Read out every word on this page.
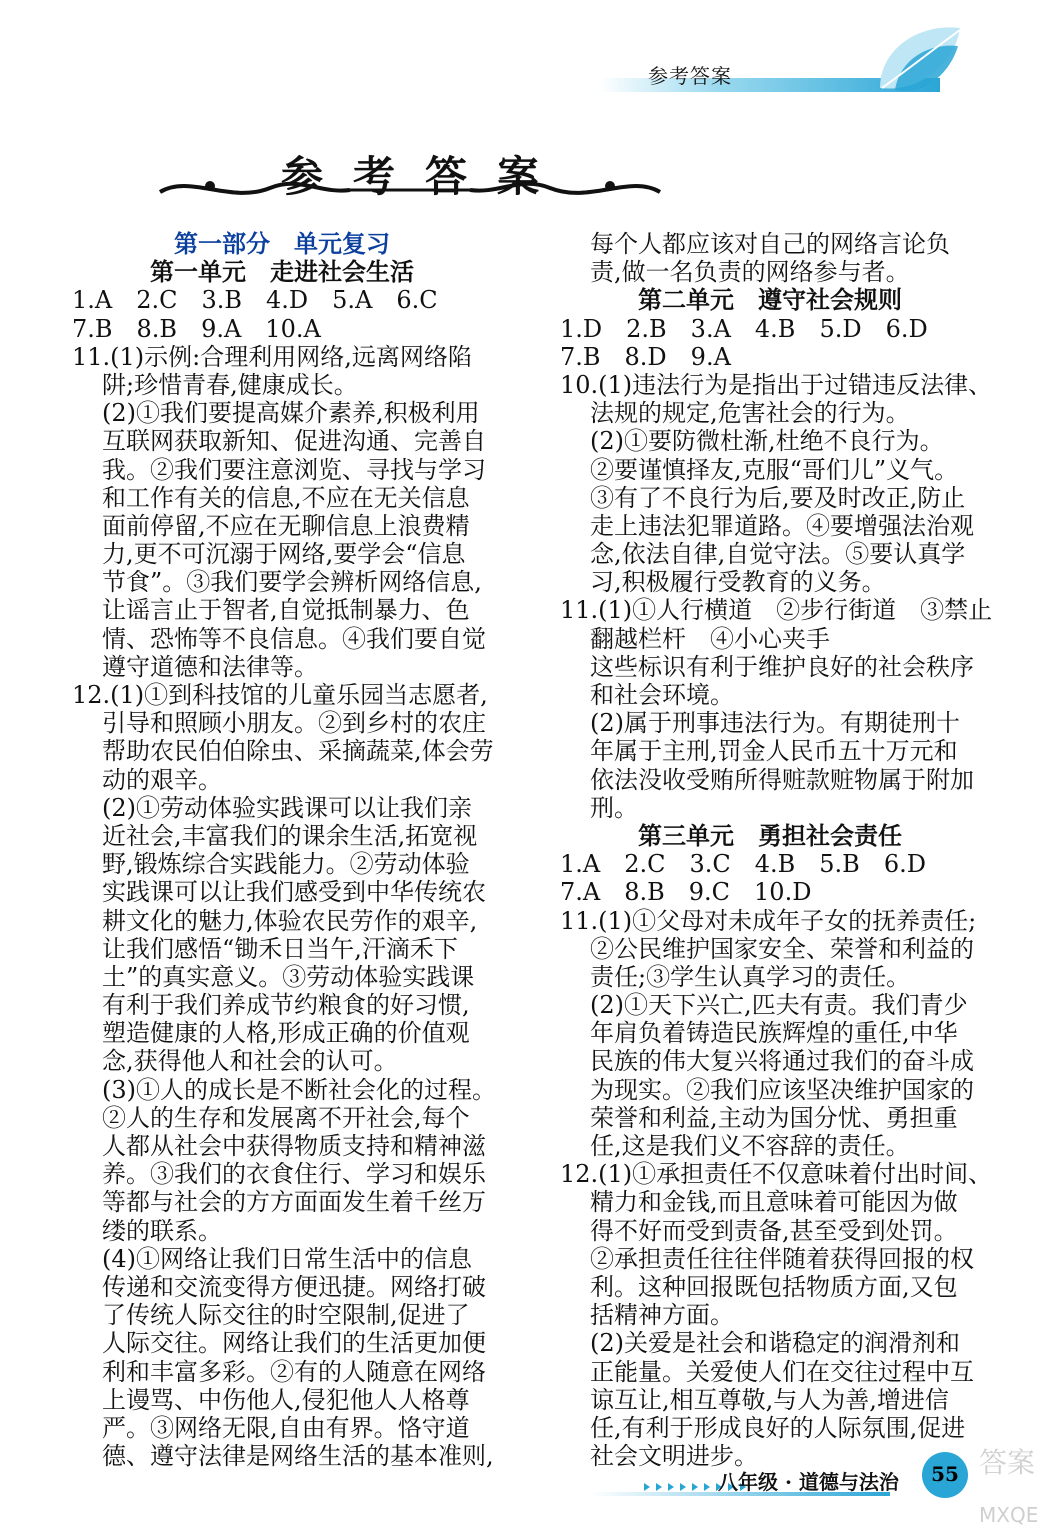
参考答案
参考答案
第一部分　单元复习
第一单元　走进社会生活
1.A　2.C　3.B　4.D　5.A　6.C
7.B　8.B　9.A　10.A
11.(1)示例:合理利用网络,远离网络陷
阱;珍惜青春,健康成长。
(2)①我们要提高媒介素养,积极利用
互联网获取新知、促进沟通、完善自
我。②我们要注意浏览、寻找与学习
和工作有关的信息,不应在无关信息
面前停留,不应在无聊信息上浪费精
力,更不可沉溺于网络,要学会“信息
节食”。③我们要学会辨析网络信息,
让谣言止于智者,自觉抵制暴力、色
情、恐怖等不良信息。④我们要自觉
遵守道德和法律等。
12.(1)①到科技馆的儿童乐园当志愿者,
引导和照顾小朋友。②到乡村的农庄
帮助农民伯伯除虫、采摘蔬菜,体会劳
动的艰辛。
(2)①劳动体验实践课可以让我们亲
近社会,丰富我们的课余生活,拓宽视
野,锻炼综合实践能力。②劳动体验
实践课可以让我们感受到中华传统农
耕文化的魅力,体验农民劳作的艰辛,
让我们感悟“锄禾日当午,汗滴禾下
土”的真实意义。③劳动体验实践课
有利于我们养成节约粮食的好习惯,
塑造健康的人格,形成正确的价值观
念,获得他人和社会的认可。
(3)①人的成长是不断社会化的过程。
②人的生存和发展离不开社会,每个
人都从社会中获得物质支持和精神滋
养。③我们的衣食住行、学习和娱乐
等都与社会的方方面面发生着千丝万
缕的联系。
(4)①网络让我们日常生活中的信息
传递和交流变得方便迅捷。网络打破
了传统人际交往的时空限制,促进了
人际交往。网络让我们的生活更加便
利和丰富多彩。②有的人随意在网络
上谩骂、中伤他人,侵犯他人人格尊
严。③网络无限,自由有界。恪守道
德、遵守法律是网络生活的基本准则,
每个人都应该对自己的网络言论负
责,做一名负责的网络参与者。
第二单元　遵守社会规则
1.D　2.B　3.A　4.B　5.D　6.D
7.B　8.D　9.A
10.(1)违法行为是指出于过错违反法律、
法规的规定,危害社会的行为。
(2)①要防微杜渐,杜绝不良行为。
②要谨慎择友,克服“哥们儿”义气。
③有了不良行为后,要及时改正,防止
走上违法犯罪道路。④要增强法治观
念,依法自律,自觉守法。⑤要认真学
习,积极履行受教育的义务。
11.(1)①人行横道　②步行街道　③禁止
翻越栏杆　④小心夹手
这些标识有利于维护良好的社会秩序
和社会环境。
(2)属于刑事违法行为。有期徒刑十
年属于主刑,罚金人民币五十万元和
依法没收受贿所得赃款赃物属于附加
刑。
第三单元　勇担社会责任
1.A　2.C　3.C　4.B　5.B　6.D
7.A　8.B　9.C　10.D
11.(1)①父母对未成年子女的抚养责任;
②公民维护国家安全、荣誉和利益的
责任;③学生认真学习的责任。
(2)①天下兴亡,匹夫有责。我们青少
年肩负着铸造民族辉煌的重任,中华
民族的伟大复兴将通过我们的奋斗成
为现实。②我们应该坚决维护国家的
荣誉和利益,主动为国分忧、勇担重
任,这是我们义不容辞的责任。
12.(1)①承担责任不仅意味着付出时间、
精力和金钱,而且意味着可能因为做
得不好而受到责备,甚至受到处罚。
②承担责任往往伴随着获得回报的权
利。这种回报既包括物质方面,又包
括精神方面。
(2)关爱是社会和谐稳定的润滑剂和
正能量。关爱使人们在交往过程中互
谅互让,相互尊敬,与人为善,增进信
任,有利于形成良好的人际氛围,促进
社会文明进步。
八年级 · 道德与法治	55 答案
MXQE
